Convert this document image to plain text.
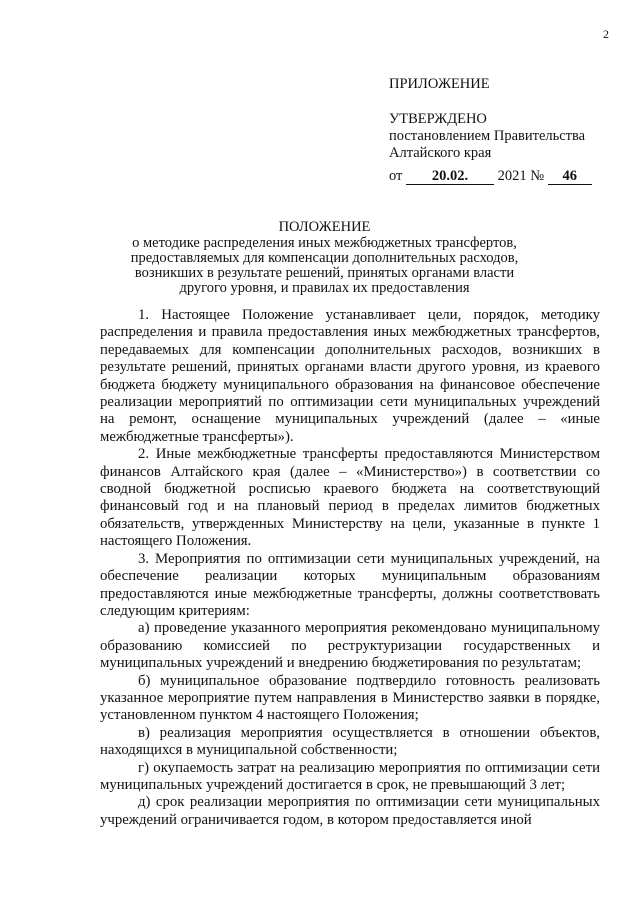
2
ПРИЛОЖЕНИЕ
УТВЕРЖДЕНО
постановлением Правительства
Алтайского края
от 20.02. 2021 № 46
ПОЛОЖЕНИЕ
о методике распределения иных межбюджетных трансфертов, предоставляемых для компенсации дополнительных расходов, возникших в результате решений, принятых органами власти другого уровня, и правилах их предоставления

1. Настоящее Положение устанавливает цели, порядок, методику распределения и правила предоставления иных межбюджетных трансфертов, передаваемых для компенсации дополнительных расходов, возникших в результате решений, принятых органами власти другого уровня, из краевого бюджета бюджету муниципального образования на финансовое обеспечение реализации мероприятий по оптимизации сети муниципальных учреждений на ремонт, оснащение муниципальных учреждений (далее – «иные межбюджетные трансферты»).

2. Иные межбюджетные трансферты предоставляются Министерством финансов Алтайского края (далее – «Министерство») в соответствии со сводной бюджетной росписью краевого бюджета на соответствующий финансовый год и на плановый период в пределах лимитов бюджетных обязательств, утвержденных Министерству на цели, указанные в пункте 1 настоящего Положения.

3. Мероприятия по оптимизации сети муниципальных учреждений, на обеспечение реализации которых муниципальным образованиям предоставляются иные межбюджетные трансферты, должны соответствовать следующим критериям:

а) проведение указанного мероприятия рекомендовано муниципальному образованию комиссией по реструктуризации государственных и муниципальных учреждений и внедрению бюджетирования по результатам;

б) муниципальное образование подтвердило готовность реализовать указанное мероприятие путем направления в Министерство заявки в порядке, установленном пунктом 4 настоящего Положения;

в) реализация мероприятия осуществляется в отношении объектов, находящихся в муниципальной собственности;

г) окупаемость затрат на реализацию мероприятия по оптимизации сети муниципальных учреждений достигается в срок, не превышающий 3 лет;

д) срок реализации мероприятия по оптимизации сети муниципальных учреждений ограничивается годом, в котором предоставляется иной
